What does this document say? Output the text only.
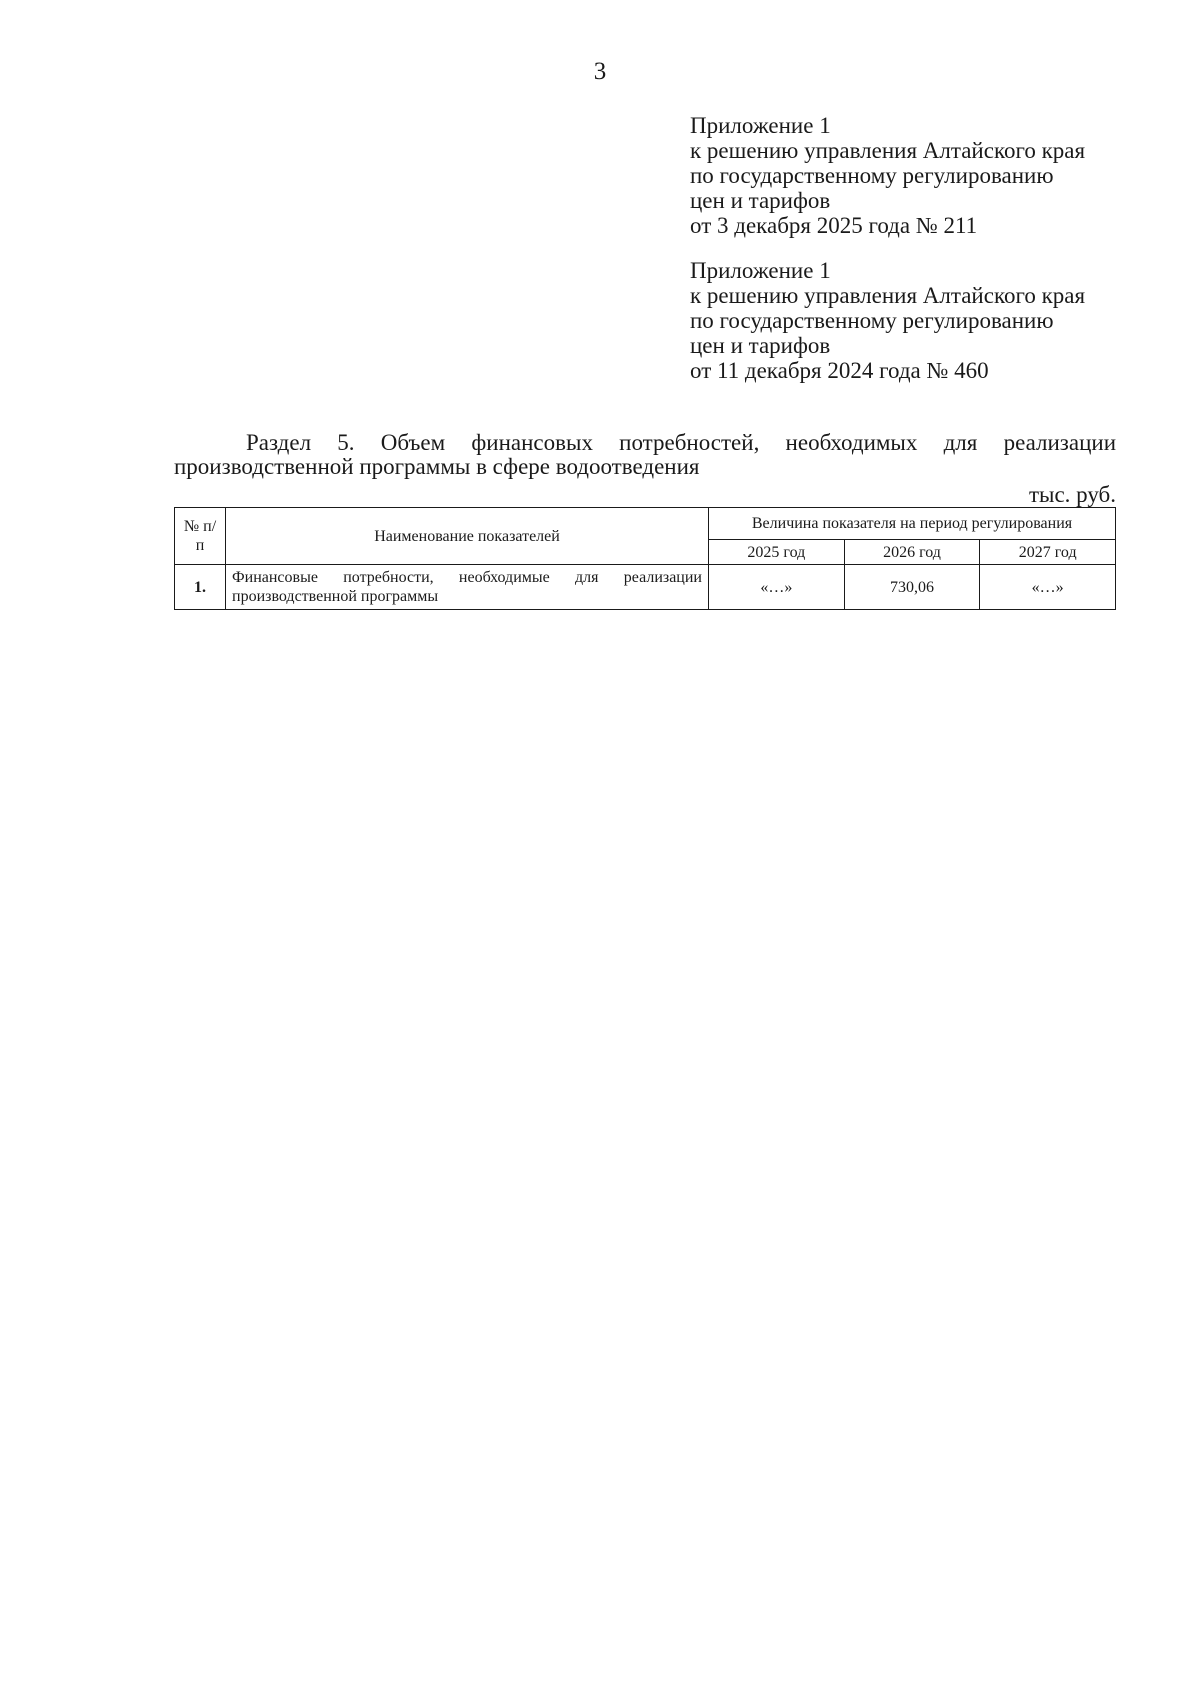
3
Приложение 1
к решению управления Алтайского края
по государственному регулированию
цен и тарифов
от 3 декабря 2025 года № 211
Приложение 1
к решению управления Алтайского края
по государственному регулированию
цен и тарифов
от 11 декабря 2024 года № 460
Раздел 5. Объем финансовых потребностей, необходимых для реализации
производственной программы в сфере водоотведения
тыс. руб.
№ п/п	Наименование показателей	Величина показателя на период регулирования		
		2025 год	2026 год	2027 год
1.	Финансовые потребности, необходимые для реализации производственной программы	«…»	730,06	«…»
